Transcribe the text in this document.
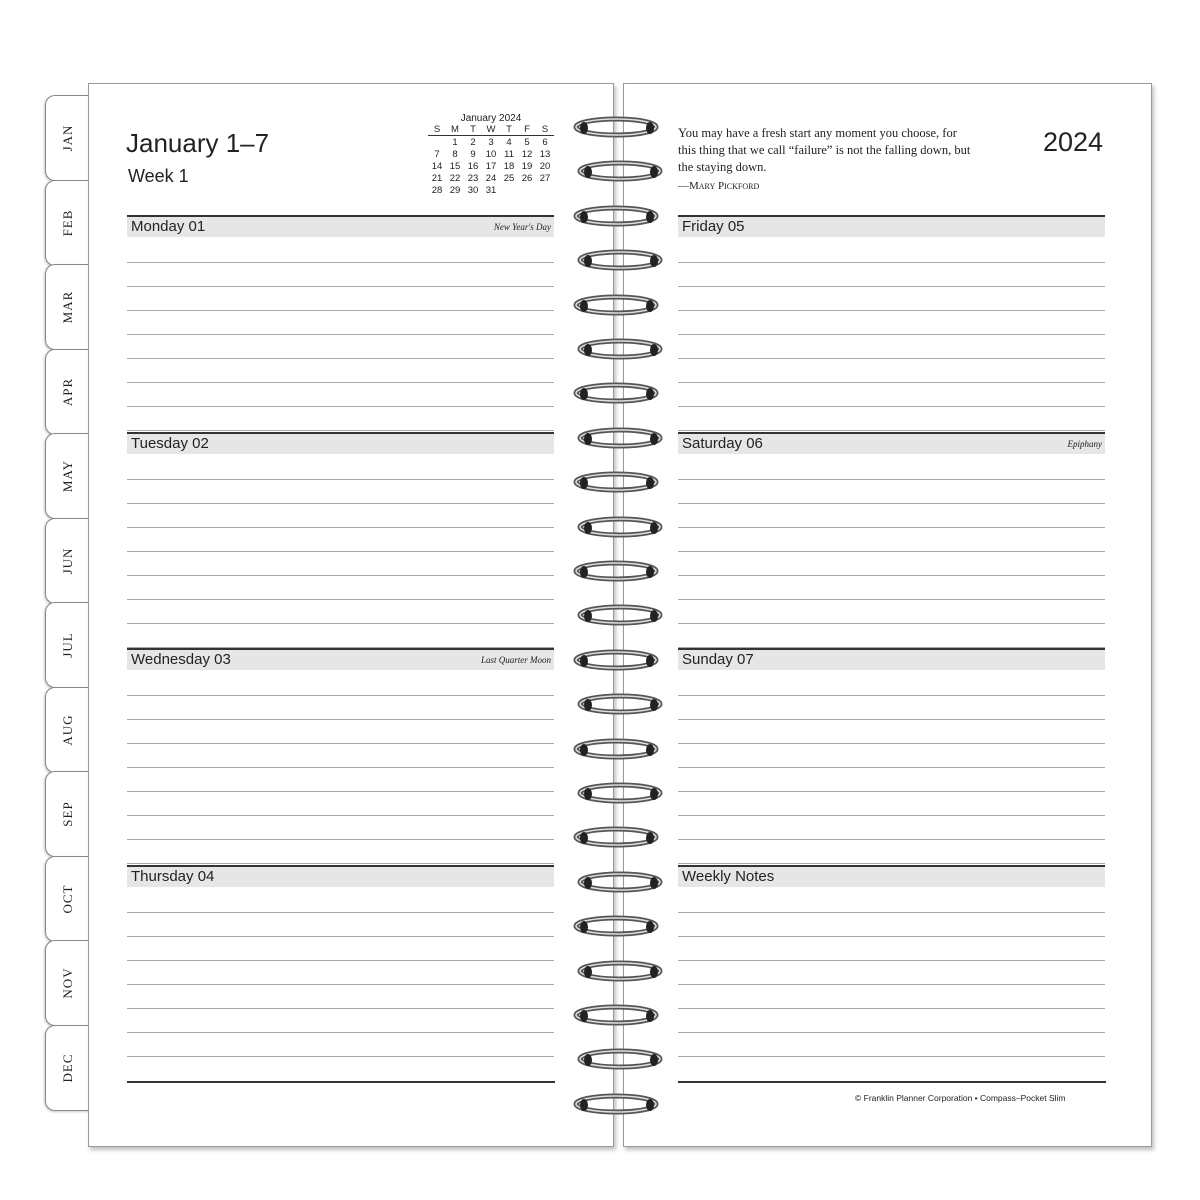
JAN
FEB
MAR
APR
MAY
JUN
JUL
AUG
SEP
OCT
NOV
DEC
January 1–7
Week 1
January 2024
S	M	T	W	T	F	S
	1	2	3	4	5	6
7	8	9	10	11	12	13
14	15	16	17	18	19	20
21	22	23	24	25	26	27
28	29	30	31			
You may have a fresh start any moment you choose, for this thing that we call “failure” is not the falling down, but the staying down.
—Mary Pickford
2024
Monday 01	New Year's Day
Tuesday 02
Wednesday 03	Last Quarter Moon
Thursday 04
Friday 05
Saturday 06	Epiphany
Sunday 07
Weekly Notes
© Franklin Planner Corporation • Compass–Pocket Slim
